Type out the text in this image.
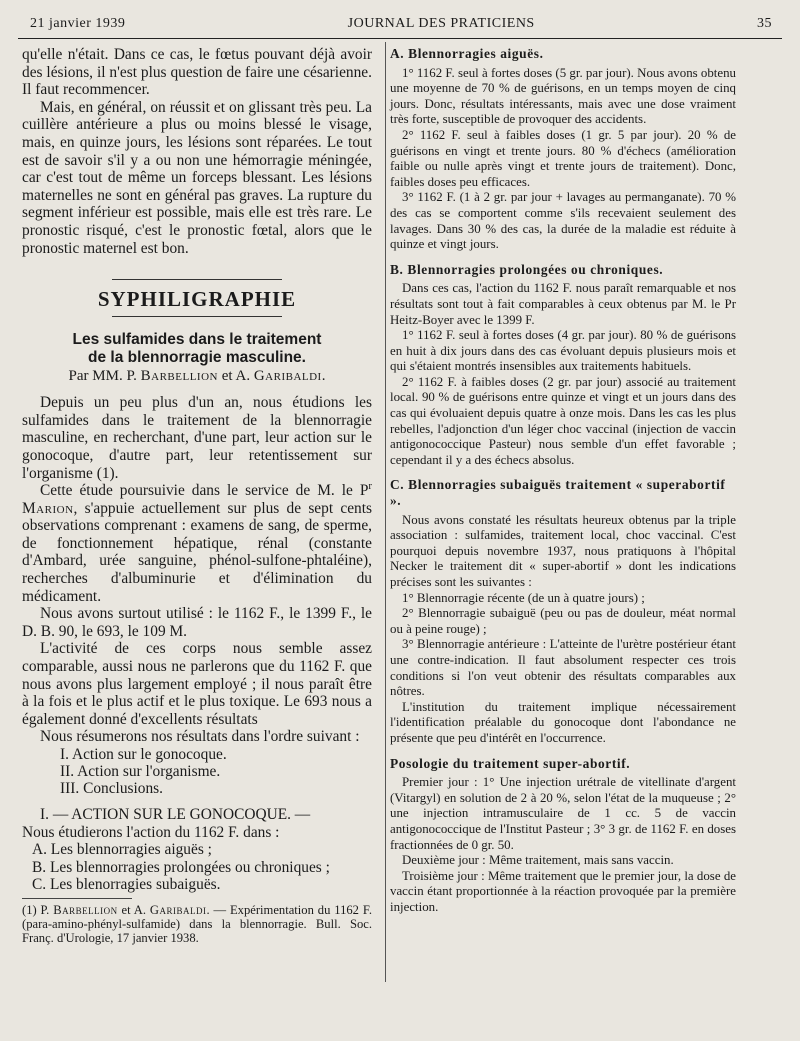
21 janvier 1939	JOURNAL DES PRATICIENS	35

qu'elle n'était. Dans ce cas, le fœtus pouvant déjà avoir des lésions, il n'est plus question de faire une césarienne. Il faut recommencer.

Mais, en général, on réussit et on glissant très peu. La cuillère antérieure a plus ou moins blessé le visage, mais, en quinze jours, les lésions sont réparées. Le tout est de savoir s'il y a ou non une hémorragie méningée, car c'est tout de même un forceps blessant. Les lésions maternelles ne sont en général pas graves. La rupture du segment inférieur est possible, mais elle est très rare. Le pronostic risqué, c'est le pronostic fœtal, alors que le pronostic maternel est bon.

SYPHILIGRAPHIE

Les sulfamides dans le traitement
de la blennorragie masculine.

Par MM. P. Barbellion et A. Garibaldi.

Depuis un peu plus d'un an, nous étudions les sulfamides dans le traitement de la blennorragie masculine, en recherchant, d'une part, leur action sur le gonocoque, d'autre part, leur retentissement sur l'organisme (1).

Cette étude poursuivie dans le service de M. le $P^r$ Marion, s'appuie actuellement sur plus de sept cents observations comprenant : examens de sang, de sperme, de fonctionnement hépatique, rénal (constante d'Ambard, urée sanguine, phénol-sulfone-phtaléine), recherches d'albuminurie et d'élimination du médicament.

Nous avons surtout utilisé : le 1162 F., le 1399 F., le D. B. 90, le 693, le 109 M.

L'activité de ces corps nous semble assez comparable, aussi nous ne parlerons que du 1162 F. que nous avons plus largement employé ; il nous paraît être à la fois et le plus actif et le plus toxique. Le 693 nous a également donné d'excellents résultats

Nous résumerons nos résultats dans l'ordre suivant :

I. Action sur le gonocoque.
II. Action sur l'organisme.
III. Conclusions.

I. — ACTION SUR LE GONOCOQUE. —

Nous étudierons l'action du 1162 F. dans :

A. Les blennorragies aiguës ;
B. Les blennorragies prolongées ou chroniques ;
C. Les blenorragies subaiguës.

(1) P. Barbellion et A. Garibaldi. — Expérimentation du 1162 F. (para-amino-phényl-sulfamide) dans la blennorragie. Bull. Soc. Franç. d'Urologie, 17 janvier 1938.

A. Blennorragies aiguës.

1° 1162 F. seul à fortes doses (5 gr. par jour). Nous avons obtenu une moyenne de 70 % de guérisons, en un temps moyen de cinq jours. Donc, résultats intéressants, mais avec une dose vraiment très forte, susceptible de provoquer des accidents.

2° 1162 F. seul à faibles doses (1 gr. 5 par jour). 20 % de guérisons en vingt et trente jours. 80 % d'échecs (amélioration faible ou nulle après vingt et trente jours de traitement). Donc, faibles doses peu efficaces.

3° 1162 F. (1 à 2 gr. par jour + lavages au permanganate). 70 % des cas se comportent comme s'ils recevaient seulement des lavages. Dans 30 % des cas, la durée de la maladie est réduite à quinze et vingt jours.

B. Blennorragies prolongées ou chroniques.

Dans ces cas, l'action du 1162 F. nous paraît remarquable et nos résultats sont tout à fait comparables à ceux obtenus par M. le Pr Heitz-Boyer avec le 1399 F.

1° 1162 F. seul à fortes doses (4 gr. par jour). 80 % de guérisons en huit à dix jours dans des cas évoluant depuis plusieurs mois et qui s'étaient montrés insensibles aux traitements habituels.

2° 1162 F. à faibles doses (2 gr. par jour) associé au traitement local. 90 % de guérisons entre quinze et vingt et un jours dans des cas qui évoluaient depuis quatre à onze mois. Dans les cas les plus rebelles, l'adjonction d'un léger choc vaccinal (injection de vaccin antigonococcique Pasteur) nous semble d'un effet favorable ; cependant il y a des échecs absolus.

C. Blennorragies subaiguës traitement « superabortif ».

Nous avons constaté les résultats heureux obtenus par la triple association : sulfamides, traitement local, choc vaccinal. C'est pourquoi depuis novembre 1937, nous pratiquons à l'hôpital Necker le traitement dit « super-abortif » dont les indications précises sont les suivantes :

1° Blennorragie récente (de un à quatre jours) ;

2° Blennorragie subaiguë (peu ou pas de douleur, méat normal ou à peine rouge) ;

3° Blennorragie antérieure : L'atteinte de l'urètre postérieur étant une contre-indication. Il faut absolument respecter ces trois conditions si l'on veut obtenir des résultats comparables aux nôtres.

L'institution du traitement implique nécessairement l'identification préalable du gonocoque dont l'abondance ne présente que peu d'intérêt en l'occurrence.

Posologie du traitement super-abortif.

Premier jour : 1° Une injection urétrale de vitellinate d'argent (Vitargyl) en solution de 2 à 20 %, selon l'état de la muqueuse ; 2° une injection intramusculaire de 1 cc. 5 de vaccin antigonococcique de l'Institut Pasteur ; 3° 3 gr. de 1162 F. en doses fractionnées de 0 gr. 50.

Deuxième jour : Même traitement, mais sans vaccin.

Troisième jour : Même traitement que le premier jour, la dose de vaccin étant proportionnée à la réaction provoquée par la première injection.
